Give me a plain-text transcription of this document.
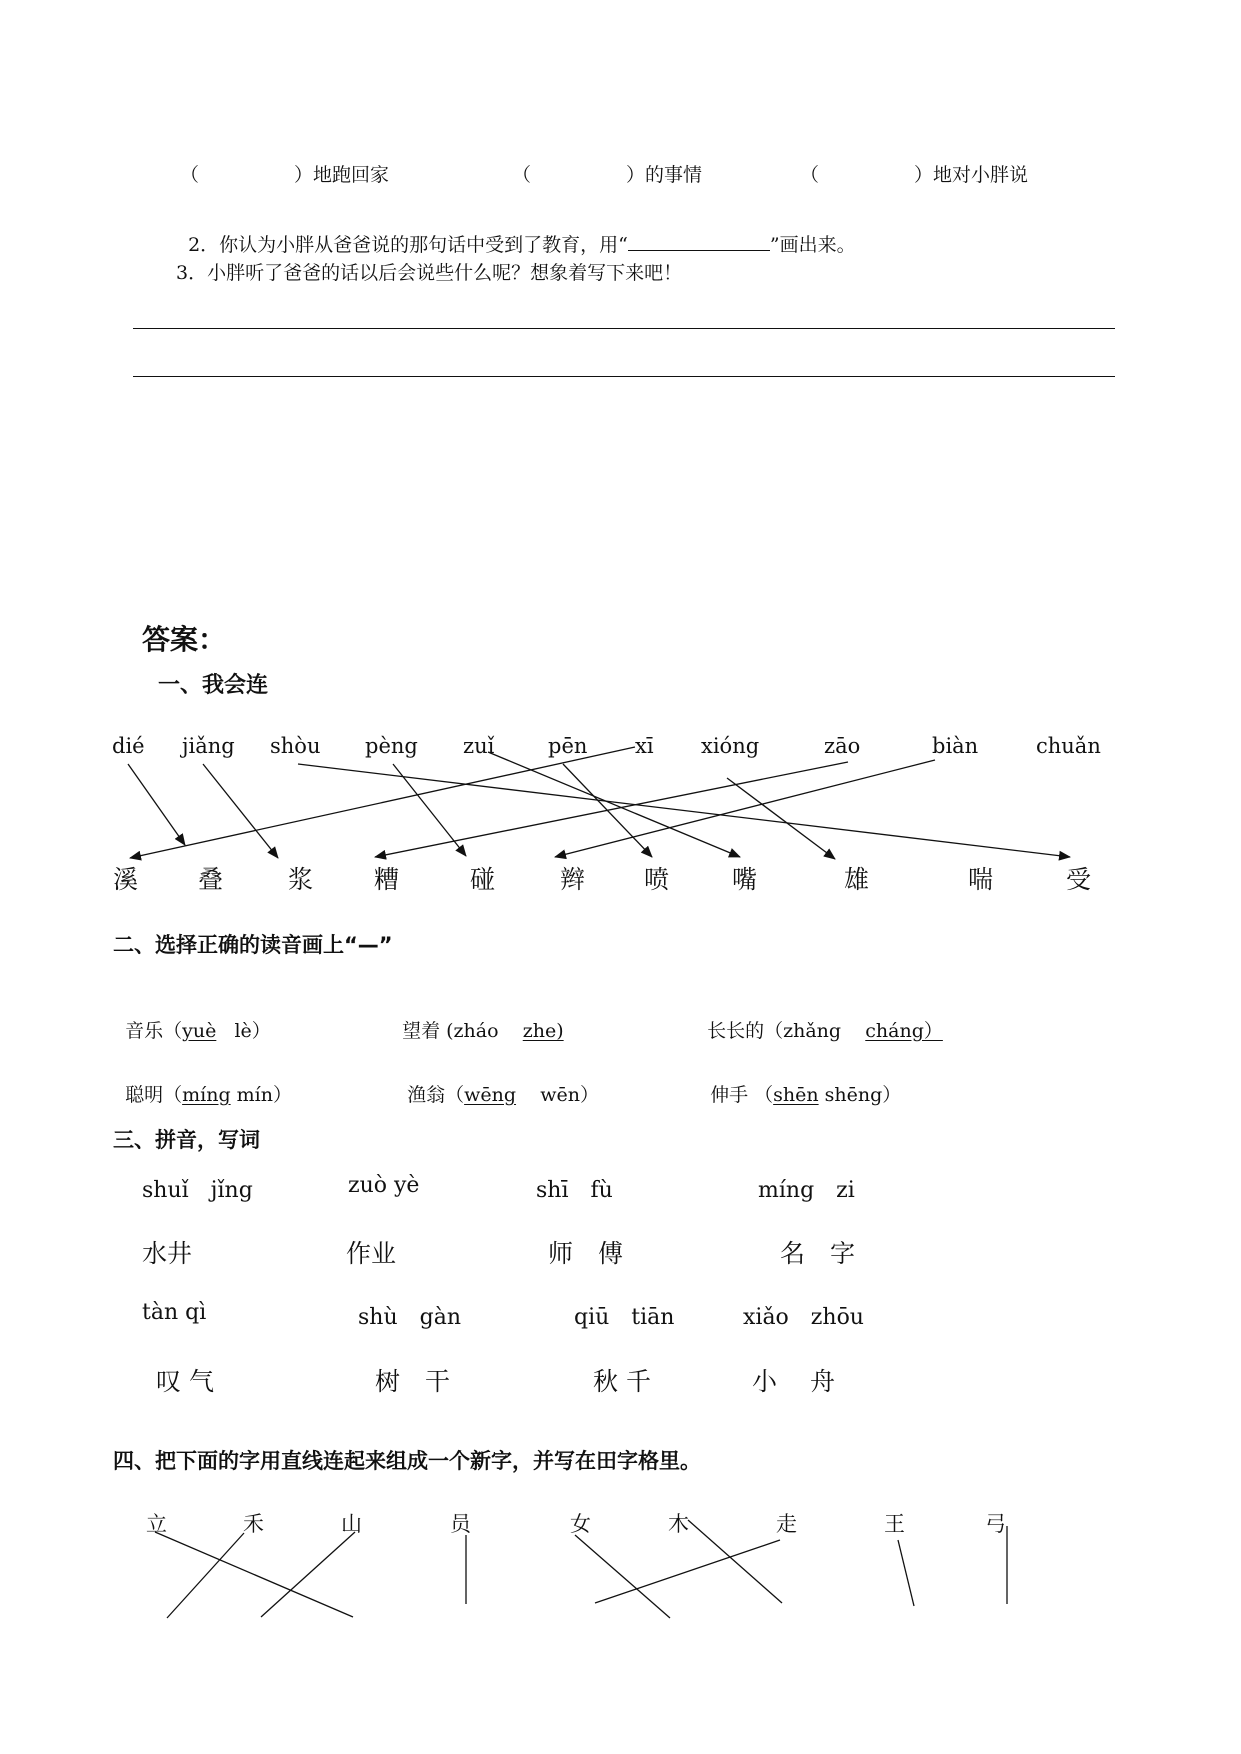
（　　　　　）地跑回家	（　　　　　）的事情	（　　　　　）地对小胖说

2．你认为小胖从爸爸说的那句话中受到了教育，用“	”画出来。

3．小胖听了爸爸的话以后会说些什么呢？想象着写下来吧！
答案：
一、我会连
dié jiǎng shòu pèng zuǐ	pēn xī xióng	zāo	biàn	chuǎn
溪 叠	浆 糟	碰	辫 喷	嘴	雄	喘	受
二、选择正确的读音画上“—”

音乐（yuè lè）	望着 (zháo zhe)	长长的（zhǎng cháng）

聪明（míng mín）	渔翁（wēng wēn）	伸手 （shēn shēng）

三、拼音，写词
shuǐ　jǐng	zuò yè	shī　fù	míng　zi
水井	作业	师　傅	名　字
tàn qì	shù　gàn	qiū　tiān	xiǎo　zhōu
叹 气	树　干	秋 千	小　 舟
四、把下面的字用直线连起来组成一个新字，并写在田字格里。
立	禾	山	员	女	木	走	王	弓
